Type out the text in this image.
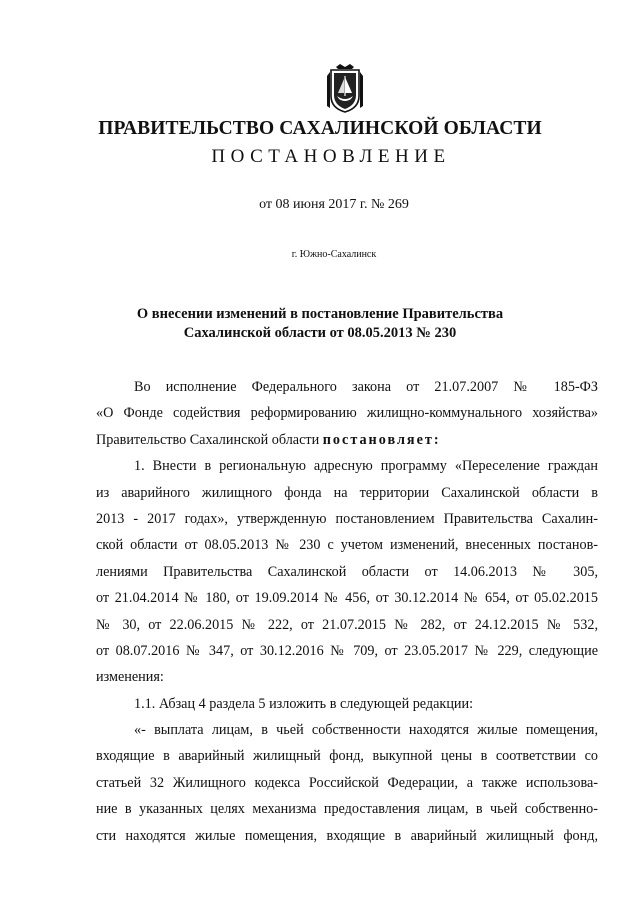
ПРАВИТЕЛЬСТВО САХАЛИНСКОЙ ОБЛАСТИ
ПОСТАНОВЛЕНИЕ
от 08 июня 2017 г. № 269
г. Южно-Сахалинск
О внесении изменений в постановление Правительства
Сахалинской области от 08.05.2013 № 230
Во исполнение Федерального закона от 21.07.2007 № 185-ФЗ
«О Фонде содействия реформированию жилищно-коммунального хозяйства»
Правительство Сахалинской области постановляет:
1. Внести в региональную адресную программу «Переселение граждан
из аварийного жилищного фонда на территории Сахалинской области в
2013 - 2017 годах», утвержденную постановлением Правительства Сахалин-
ской области от 08.05.2013 № 230 с учетом изменений, внесенных постанов-
лениями Правительства Сахалинской области от 14.06.2013 № 305,
от 21.04.2014 № 180, от 19.09.2014 № 456, от 30.12.2014 № 654, от 05.02.2015
№ 30, от 22.06.2015 № 222, от 21.07.2015 № 282, от 24.12.2015 № 532,
от 08.07.2016 № 347, от 30.12.2016 № 709, от 23.05.2017 № 229, следующие
изменения:
1.1. Абзац 4 раздела 5 изложить в следующей редакции:
«- выплата лицам, в чьей собственности находятся жилые помещения,
входящие в аварийный жилищный фонд, выкупной цены в соответствии со
статьей 32 Жилищного кодекса Российской Федерации, а также использова-
ние в указанных целях механизма предоставления лицам, в чьей собственно-
сти находятся жилые помещения, входящие в аварийный жилищный фонд,
